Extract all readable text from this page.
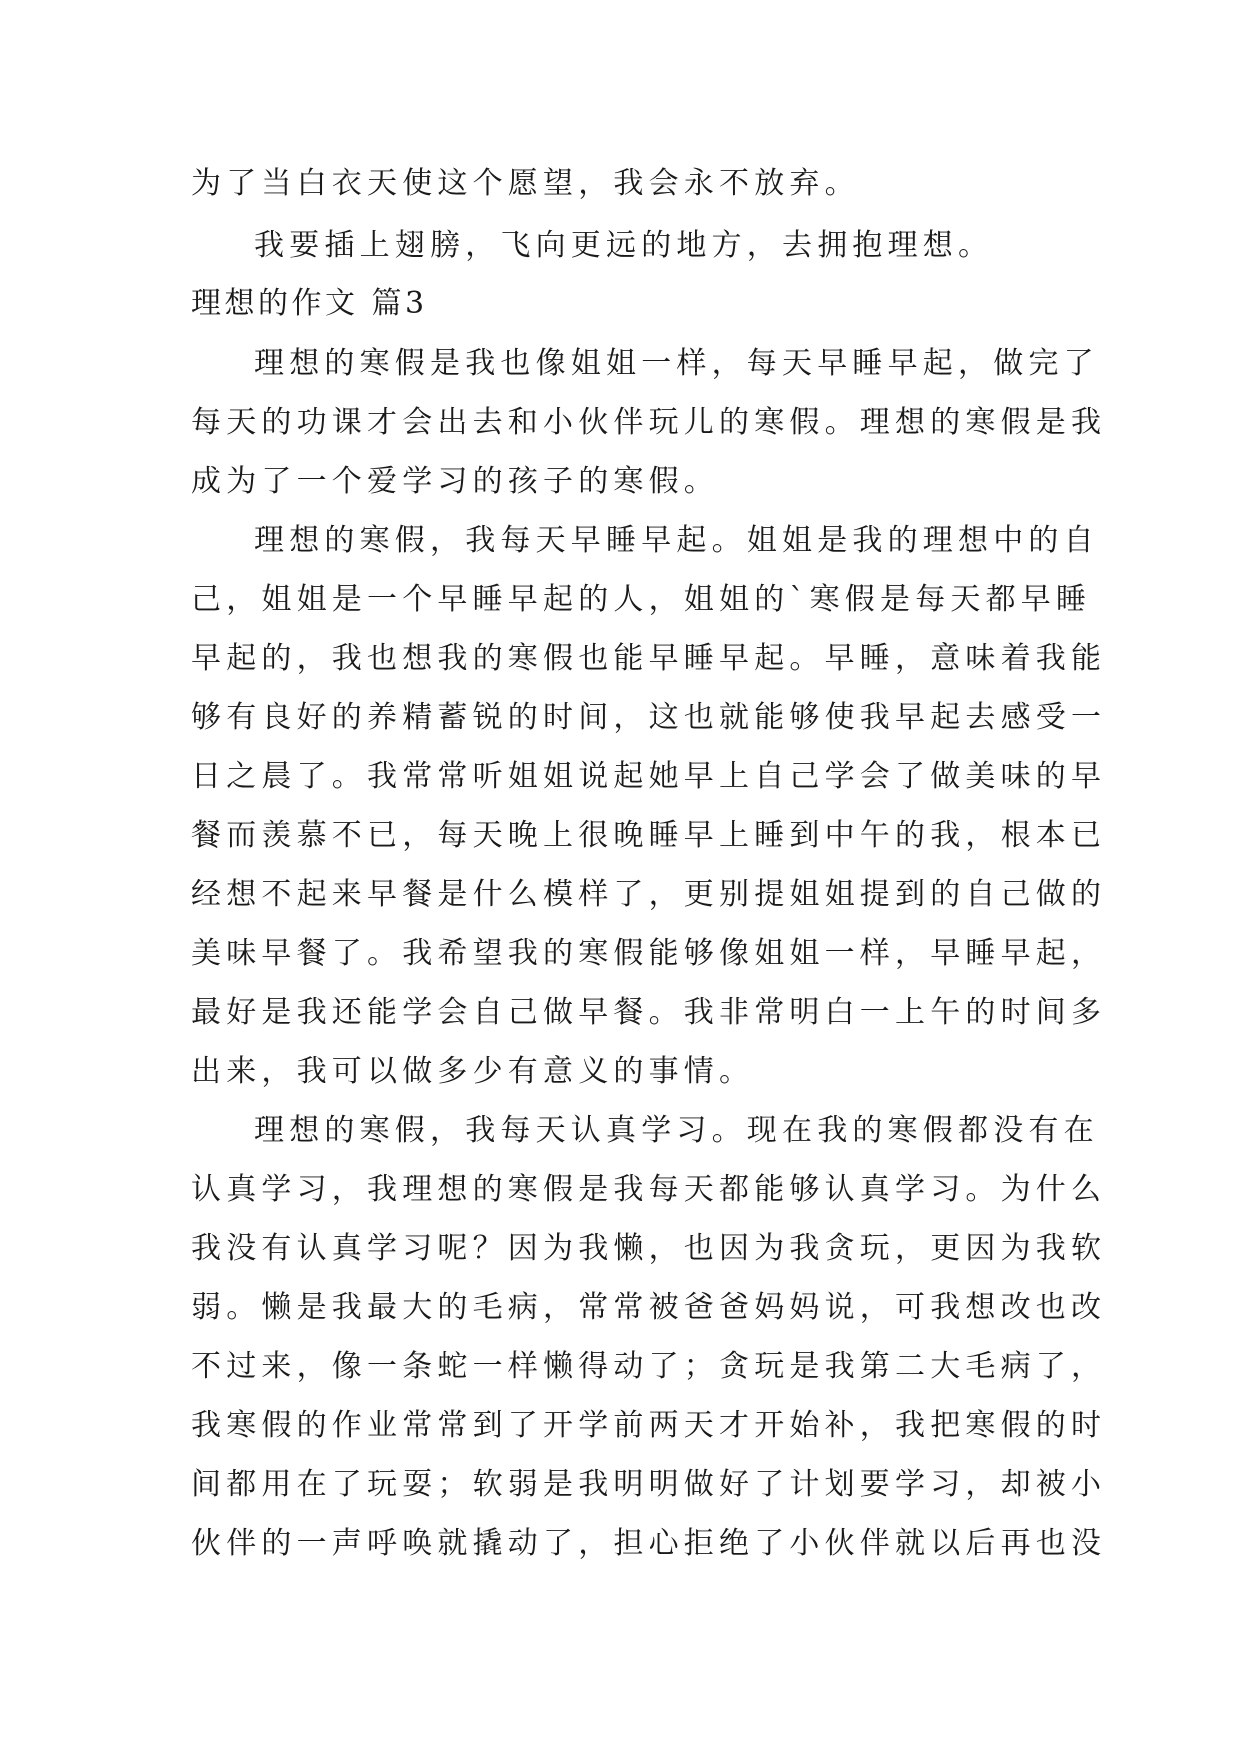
为了当白衣天使这个愿望，我会永不放弃。
我要插上翅膀，飞向更远的地方，去拥抱理想。
理想的作文 篇3
理想的寒假是我也像姐姐一样，每天早睡早起，做完了
每天的功课才会出去和小伙伴玩儿的寒假。理想的寒假是我
成为了一个爱学习的孩子的寒假。
理想的寒假，我每天早睡早起。姐姐是我的理想中的自
己，姐姐是一个早睡早起的人，姐姐的`寒假是每天都早睡
早起的，我也想我的寒假也能早睡早起。早睡，意味着我能
够有良好的养精蓄锐的时间，这也就能够使我早起去感受一
日之晨了。我常常听姐姐说起她早上自己学会了做美味的早
餐而羡慕不已，每天晚上很晚睡早上睡到中午的我，根本已
经想不起来早餐是什么模样了，更别提姐姐提到的自己做的
美味早餐了。我希望我的寒假能够像姐姐一样，早睡早起，
最好是我还能学会自己做早餐。我非常明白一上午的时间多
出来，我可以做多少有意义的事情。
理想的寒假，我每天认真学习。现在我的寒假都没有在
认真学习，我理想的寒假是我每天都能够认真学习。为什么
我没有认真学习呢？因为我懒，也因为我贪玩，更因为我软
弱。懒是我最大的毛病，常常被爸爸妈妈说，可我想改也改
不过来，像一条蛇一样懒得动了；贪玩是我第二大毛病了，
我寒假的作业常常到了开学前两天才开始补，我把寒假的时
间都用在了玩耍；软弱是我明明做好了计划要学习，却被小
伙伴的一声呼唤就撬动了，担心拒绝了小伙伴就以后再也没
